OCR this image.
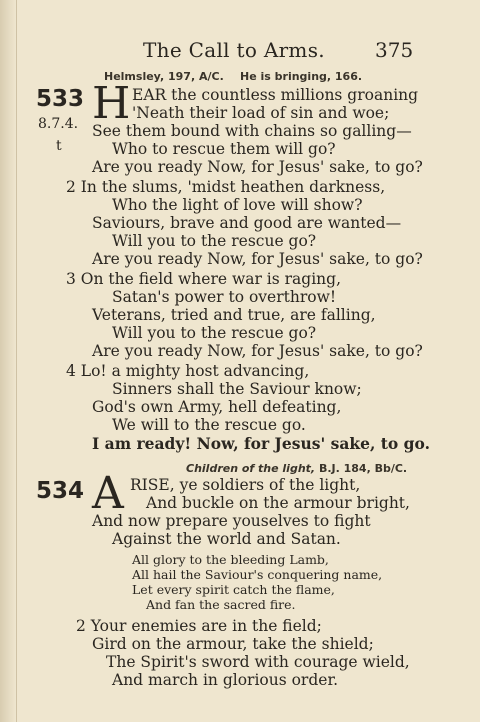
The Call to Arms.	375
Helmsley, 197, A/C. He is bringing, 166.
533
8.7.4.
t
H EAR the countless millions groaning
'Neath their load of sin and woe;
See them bound with chains so galling—
Who to rescue them will go?
Are you ready Now, for Jesus' sake, to go?
2 In the slums, 'midst heathen darkness,
Who the light of love will show?
Saviours, brave and good are wanted—
Will you to the rescue go?
Are you ready Now, for Jesus' sake, to go?
3 On the field where war is raging,
Satan's power to overthrow!
Veterans, tried and true, are falling,
Will you to the rescue go?
Are you ready Now, for Jesus' sake, to go?
4 Lo! a mighty host advancing,
Sinners shall the Saviour know;
God's own Army, hell defeating,
We will to the rescue go.
I am ready! Now, for Jesus' sake, to go.
Children of the light, B.J. 184, Bb/C.
534 A RISE, ye soldiers of the light,
And buckle on the armour bright,
And now prepare youselves to fight
Against the world and Satan.
All glory to the bleeding Lamb,
All hail the Saviour's conquering name,
Let every spirit catch the flame,
And fan the sacred fire.
2 Your enemies are in the field;
Gird on the armour, take the shield;
The Spirit's sword with courage wield,
And march in glorious order.
